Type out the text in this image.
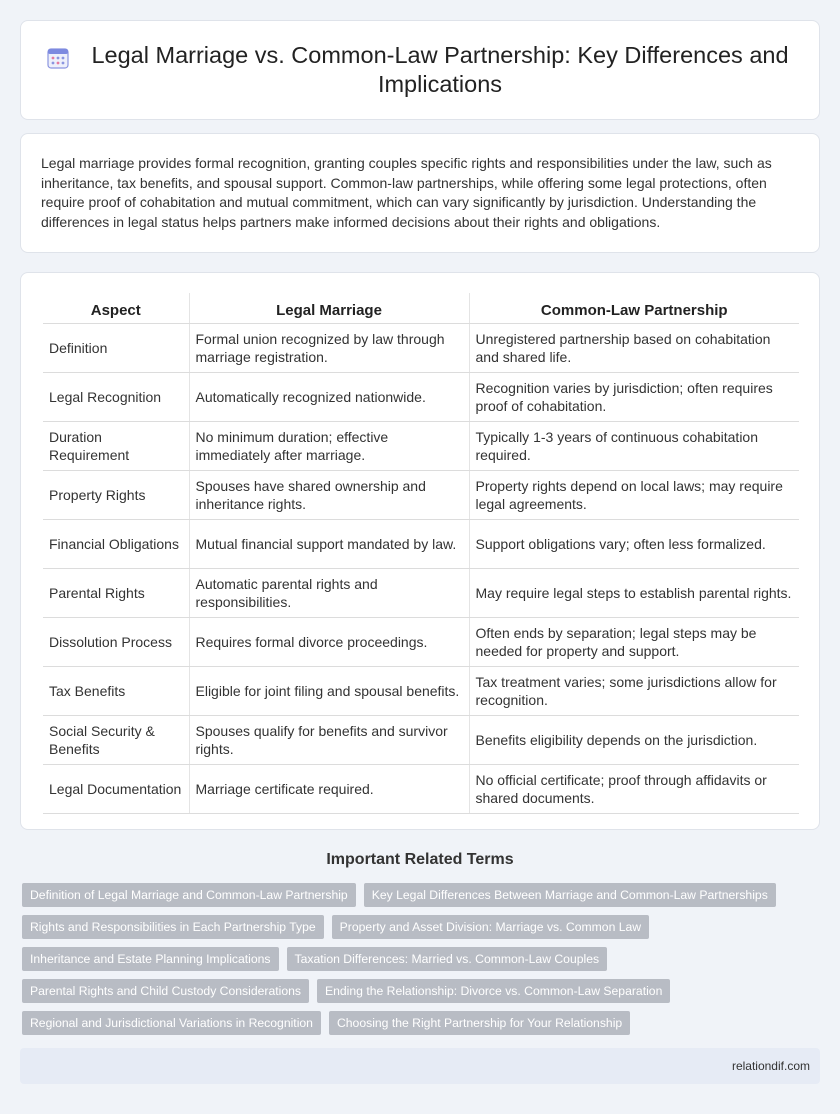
Legal Marriage vs. Common-Law Partnership: Key Differences and Implications

Legal marriage provides formal recognition, granting couples specific rights and responsibilities under the law, such as inheritance, tax benefits, and spousal support. Common-law partnerships, while offering some legal protections, often require proof of cohabitation and mutual commitment, which can vary significantly by jurisdiction. Understanding the differences in legal status helps partners make informed decisions about their rights and obligations.

Aspect	Legal Marriage	Common-Law Partnership
Definition	Formal union recognized by law through marriage registration.	Unregistered partnership based on cohabitation and shared life.
Legal Recognition	Automatically recognized nationwide.	Recognition varies by jurisdiction; often requires proof of cohabitation.
Duration Requirement	No minimum duration; effective immediately after marriage.	Typically 1-3 years of continuous cohabitation required.
Property Rights	Spouses have shared ownership and inheritance rights.	Property rights depend on local laws; may require legal agreements.
Financial Obligations	Mutual financial support mandated by law.	Support obligations vary; often less formalized.
Parental Rights	Automatic parental rights and responsibilities.	May require legal steps to establish parental rights.
Dissolution Process	Requires formal divorce proceedings.	Often ends by separation; legal steps may be needed for property and support.
Tax Benefits	Eligible for joint filing and spousal benefits.	Tax treatment varies; some jurisdictions allow for recognition.
Social Security & Benefits	Spouses qualify for benefits and survivor rights.	Benefits eligibility depends on the jurisdiction.
Legal Documentation	Marriage certificate required.	No official certificate; proof through affidavits or shared documents.
Important Related Terms
Definition of Legal Marriage and Common-Law Partnership	Key Legal Differences Between Marriage and Common-Law Partnerships
Rights and Responsibilities in Each Partnership Type	Property and Asset Division: Marriage vs. Common Law
Inheritance and Estate Planning Implications	Taxation Differences: Married vs. Common-Law Couples
Parental Rights and Child Custody Considerations	Ending the Relationship: Divorce vs. Common-Law Separation
Regional and Jurisdictional Variations in Recognition	Choosing the Right Partnership for Your Relationship
relationdif.com
